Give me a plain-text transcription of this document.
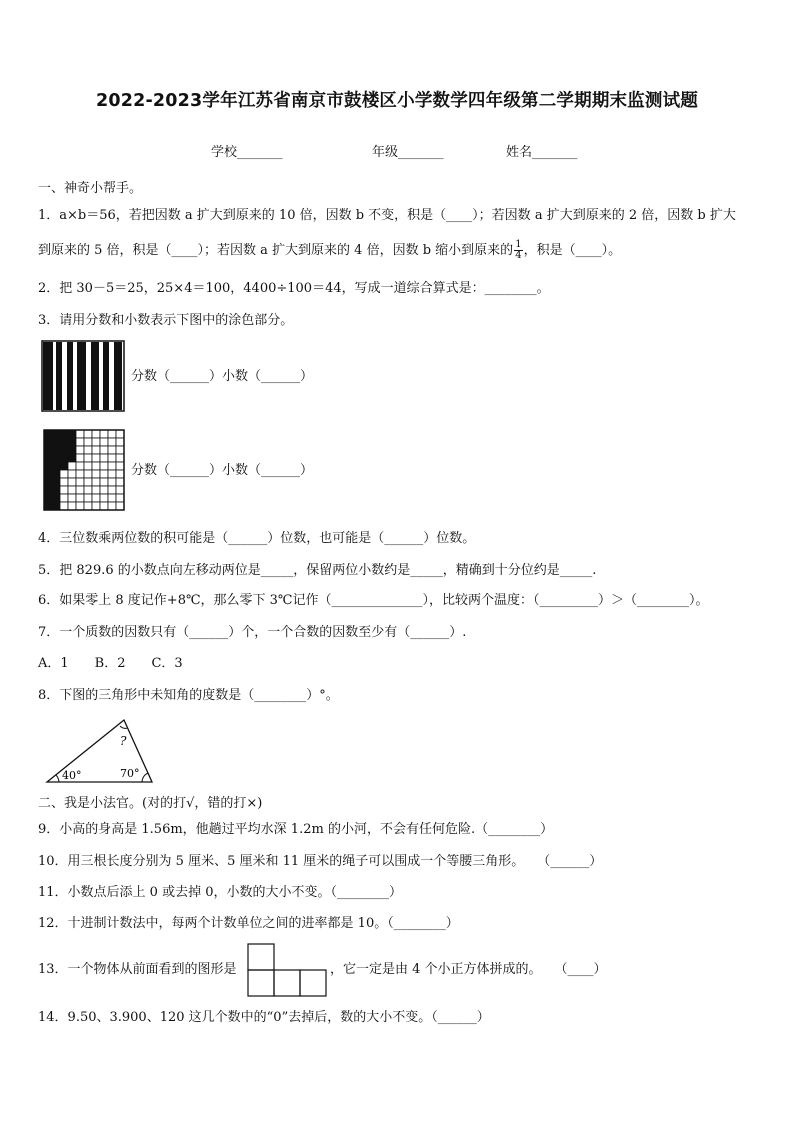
2022-2023学年江苏省南京市鼓楼区小学数学四年级第二学期期末监测试题
学校_______	年级_______	姓名_______
一、神奇小帮手。
1．a×b＝56，若把因数 a 扩大到原来的 10 倍，因数 b 不变，积是（____）；若因数 a 扩大到原来的 2 倍，因数 b 扩大
到原来的 5 倍，积是（____）；若因数 a 扩大到原来的 4 倍，因数 b 缩小到原来的 $\frac{1}{4}$ ，积是（____）。
2．把 30－5＝25，25×4＝100，4400÷100＝44，写成一道综合算式是：________。
3．请用分数和小数表示下图中的涂色部分。
分数（______）小数（______）
分数（______）小数（______）
4．三位数乘两位数的积可能是（______）位数，也可能是（______）位数。
5．把 829.6 的小数点向左移动两位是_____，保留两位小数约是_____，精确到十分位约是_____.
6．如果零上 8 度记作+8℃，那么零下 3℃记作（______________），比较两个温度：（_________）＞（________）。
7．一个质数的因数只有（______）个，一个合数的因数至少有（______）.
A．1　　B．2　　C．3
8．下图的三角形中未知角的度数是（________）°。
?
40°	70°
二、我是小法官。(对的打√，错的打×)
9．小高的身高是 1.56m，他趟过平均水深 1.2m 的小河，不会有任何危险.（________）
10．用三根长度分别为 5 厘米、5 厘米和 11 厘米的绳子可以围成一个等腰三角形。　　（______）
11．小数点后添上 0 或去掉 0，小数的大小不变。（________）
12．十进制计数法中，每两个计数单位之间的进率都是 10。（________）
13．一个物体从前面看到的图形是	，它一定是由 4 个小正方体拼成的。　　（____）
14．9.50、3.900、120 这几个数中的“0”去掉后，数的大小不变。（______）
